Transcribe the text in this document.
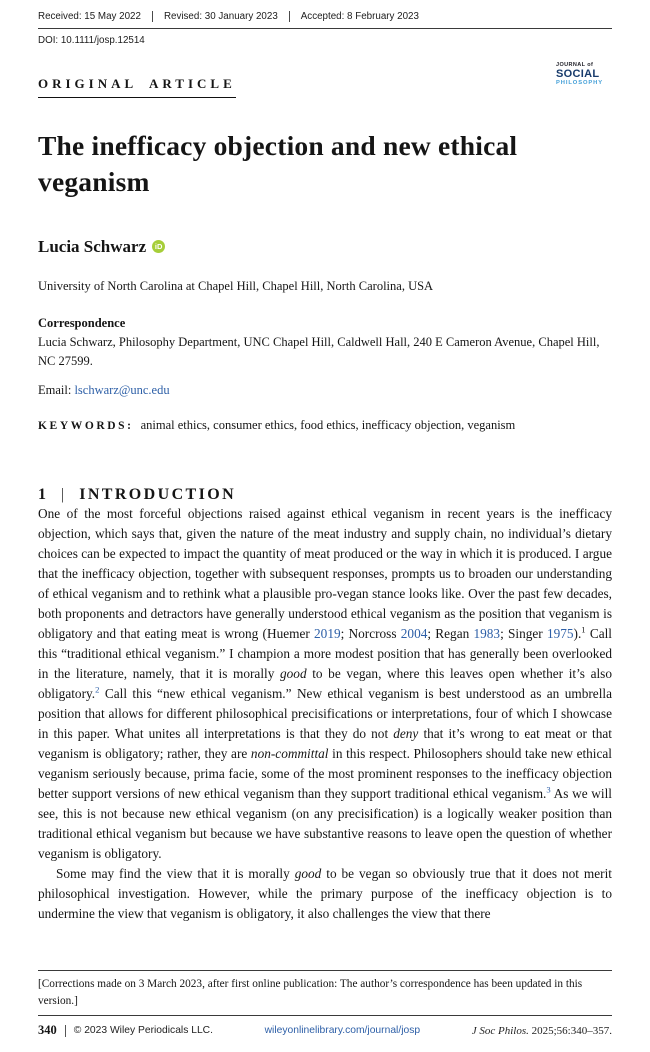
Received: 15 May 2022	Revised: 30 January 2023	Accepted: 8 February 2023
DOI: 10.1111/josp.12514
ORIGINAL ARTICLE
JOURNAL of
SOCIAL
PHILOSOPHY
The inefficacy objection and new ethical veganism
Lucia Schwarz	iD
University of North Carolina at Chapel Hill, Chapel Hill, North Carolina, USA
Correspondence
Lucia Schwarz, Philosophy Department, UNC Chapel Hill, Caldwell Hall, 240 E Cameron Avenue, Chapel Hill, NC 27599.
Email: lschwarz@unc.edu
KEYWORDS: animal ethics, consumer ethics, food ethics, inefficacy objection, veganism
1 | INTRODUCTION

One of the most forceful objections raised against ethical veganism in recent years is the inefficacy objection, which says that, given the nature of the meat industry and supply chain, no individual’s dietary choices can be expected to impact the quantity of meat produced or the way in which it is produced. I argue that the inefficacy objection, together with subsequent responses, prompts us to broaden our understanding of ethical veganism and to rethink what a plausible pro-vegan stance looks like. Over the past few decades, both proponents and detractors have generally understood ethical veganism as the position that veganism is obligatory and that eating meat is wrong (Huemer 2019; Norcross 2004; Regan 1983; Singer 1975).$^1$ Call this “traditional ethical veganism.” I champion a more modest position that has generally been overlooked in the literature, namely, that it is morally good to be vegan, where this leaves open whether it’s also obligatory.$^2$ Call this “new ethical veganism.” New ethical veganism is best understood as an umbrella position that allows for different philosophical precisifications or interpretations, four of which I showcase in this paper. What unites all interpretations is that they do not deny that it’s wrong to eat meat or that veganism is obligatory; rather, they are non-committal in this respect. Philosophers should take new ethical veganism seriously because, prima facie, some of the most prominent responses to the inefficacy objection better support versions of new ethical veganism than they support traditional ethical veganism.$^3$ As we will see, this is not because new ethical veganism (on any precisification) is a logically weaker position than traditional ethical veganism but because we have substantive reasons to leave open the question of whether veganism is obligatory.

Some may find the view that it is morally good to be vegan so obviously true that it does not merit philosophical investigation. However, while the primary purpose of the inefficacy objection is to undermine the view that veganism is obligatory, it also challenges the view that there

[Corrections made on 3 March 2023, after first online publication: The author’s correspondence has been updated in this version.]
340 © 2023 Wiley Periodicals LLC.	wileyonlinelibrary.com/journal/josp	J Soc Philos. 2025;56:340–357.
